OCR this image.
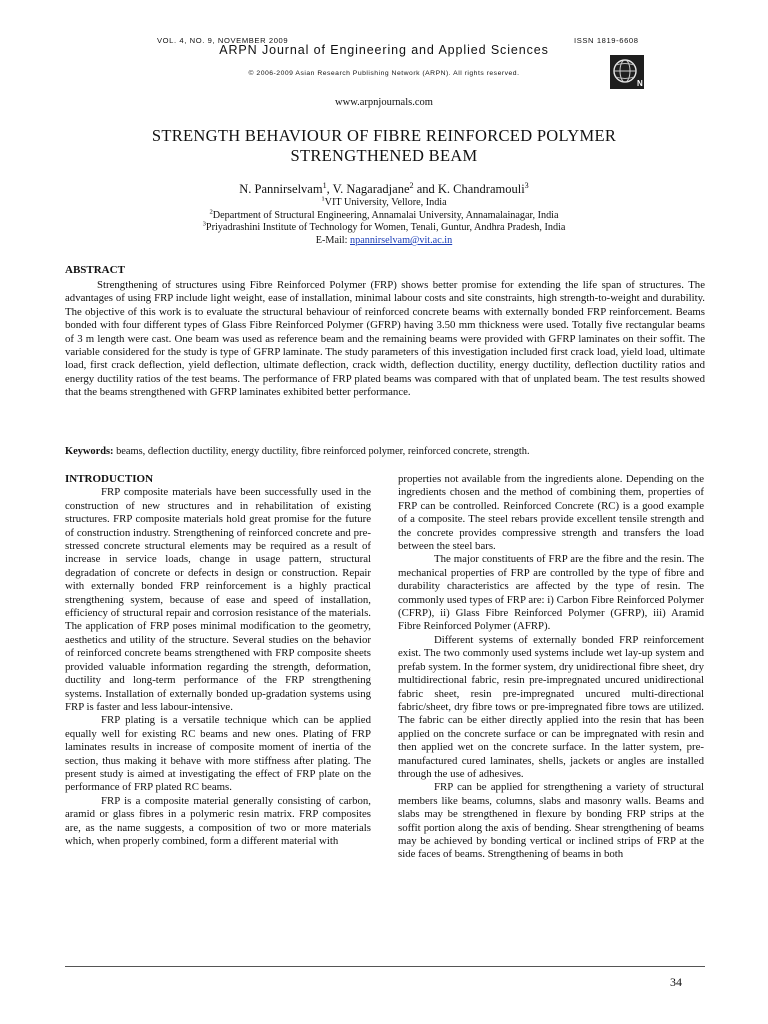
VOL. 4, NO. 9, NOVEMBER 2009	ISSN 1819-6608
ARPN Journal of Engineering and Applied Sciences
© 2006-2009 Asian Research Publishing Network (ARPN). All rights reserved.
N
www.arpnjournals.com
STRENGTH BEHAVIOUR OF FIBRE REINFORCED POLYMER
STRENGTHENED BEAM
N. Pannirselvam$^1$, V. Nagaradjane$^2$ and K. Chandramouli$^3$
$^1$VIT University, Vellore, India
$^2$Department of Structural Engineering, Annamalai University, Annamalainagar, India
$^3$Priyadrashini Institute of Technology for Women, Tenali, Guntur, Andhra Pradesh, India
E-Mail: npannirselvam@vit.ac.in
ABSTRACT
Strengthening of structures using Fibre Reinforced Polymer (FRP) shows better promise for extending the life span of structures. The advantages of using FRP include light weight, ease of installation, minimal labour costs and site constraints, high strength-to-weight and durability. The objective of this work is to evaluate the structural behaviour of reinforced concrete beams with externally bonded FRP reinforcement. Beams bonded with four different types of Glass Fibre Reinforced Polymer (GFRP) having 3.50 mm thickness were used. Totally five rectangular beams of 3 m length were cast. One beam was used as reference beam and the remaining beams were provided with GFRP laminates on their soffit. The variable considered for the study is type of GFRP laminate. The study parameters of this investigation included first crack load, yield load, ultimate load, first crack deflection, yield deflection, ultimate deflection, crack width, deflection ductility, energy ductility, deflection ductility ratios and energy ductility ratios of the test beams. The performance of FRP plated beams was compared with that of unplated beam. The test results showed that the beams strengthened with GFRP laminates exhibited better performance.
Keywords: beams, deflection ductility, energy ductility, fibre reinforced polymer, reinforced concrete, strength.

INTRODUCTION

FRP composite materials have been successfully used in the construction of new structures and in rehabilitation of existing structures. FRP composite materials hold great promise for the future of construction industry. Strengthening of reinforced concrete and pre-stressed concrete structural elements may be required as a result of increase in service loads, change in usage pattern, structural degradation of concrete or defects in design or construction. Repair with externally bonded FRP reinforcement is a highly practical strengthening system, because of ease and speed of installation, efficiency of structural repair and corrosion resistance of the materials. The application of FRP poses minimal modification to the geometry, aesthetics and utility of the structure. Several studies on the behavior of reinforced concrete beams strengthened with FRP composite sheets provided valuable information regarding the strength, deformation, ductility and long-term performance of the FRP strengthening systems. Installation of externally bonded up-gradation systems using FRP is faster and less labour-intensive.

FRP plating is a versatile technique which can be applied equally well for existing RC beams and new ones. Plating of FRP laminates results in increase of composite moment of inertia of the section, thus making it behave with more stiffness after plating. The present study is aimed at investigating the effect of FRP plate on the performance of FRP plated RC beams.

FRP is a composite material generally consisting of carbon, aramid or glass fibres in a polymeric resin matrix. FRP composites are, as the name suggests, a composition of two or more materials which, when properly combined, form a different material with

properties not available from the ingredients alone. Depending on the ingredients chosen and the method of combining them, properties of FRP can be controlled. Reinforced Concrete (RC) is a good example of a composite. The steel rebars provide excellent tensile strength and the concrete provides compressive strength and transfers the load between the steel bars.

The major constituents of FRP are the fibre and the resin. The mechanical properties of FRP are controlled by the type of fibre and durability characteristics are affected by the type of resin. The commonly used types of FRP are: i) Carbon Fibre Reinforced Polymer (CFRP), ii) Glass Fibre Reinforced Polymer (GFRP), iii) Aramid Fibre Reinforced Polymer (AFRP).

Different systems of externally bonded FRP reinforcement exist. The two commonly used systems include wet lay-up system and prefab system. In the former system, dry unidirectional fibre sheet, dry multidirectional fabric, resin pre-impregnated uncured unidirectional fabric sheet, resin pre-impregnated uncured multi-directional fabric/sheet, dry fibre tows or pre-impregnated fibre tows are utilized. The fabric can be either directly applied into the resin that has been applied on the concrete surface or can be impregnated with resin and then applied wet on the concrete surface. In the latter system, pre-manufactured cured laminates, shells, jackets or angles are installed through the use of adhesives.

FRP can be applied for strengthening a variety of structural members like beams, columns, slabs and masonry walls. Beams and slabs may be strengthened in flexure by bonding FRP strips at the soffit portion along the axis of bending. Shear strengthening of beams may be achieved by bonding vertical or inclined strips of FRP at the side faces of beams. Strengthening of beams in both

34
